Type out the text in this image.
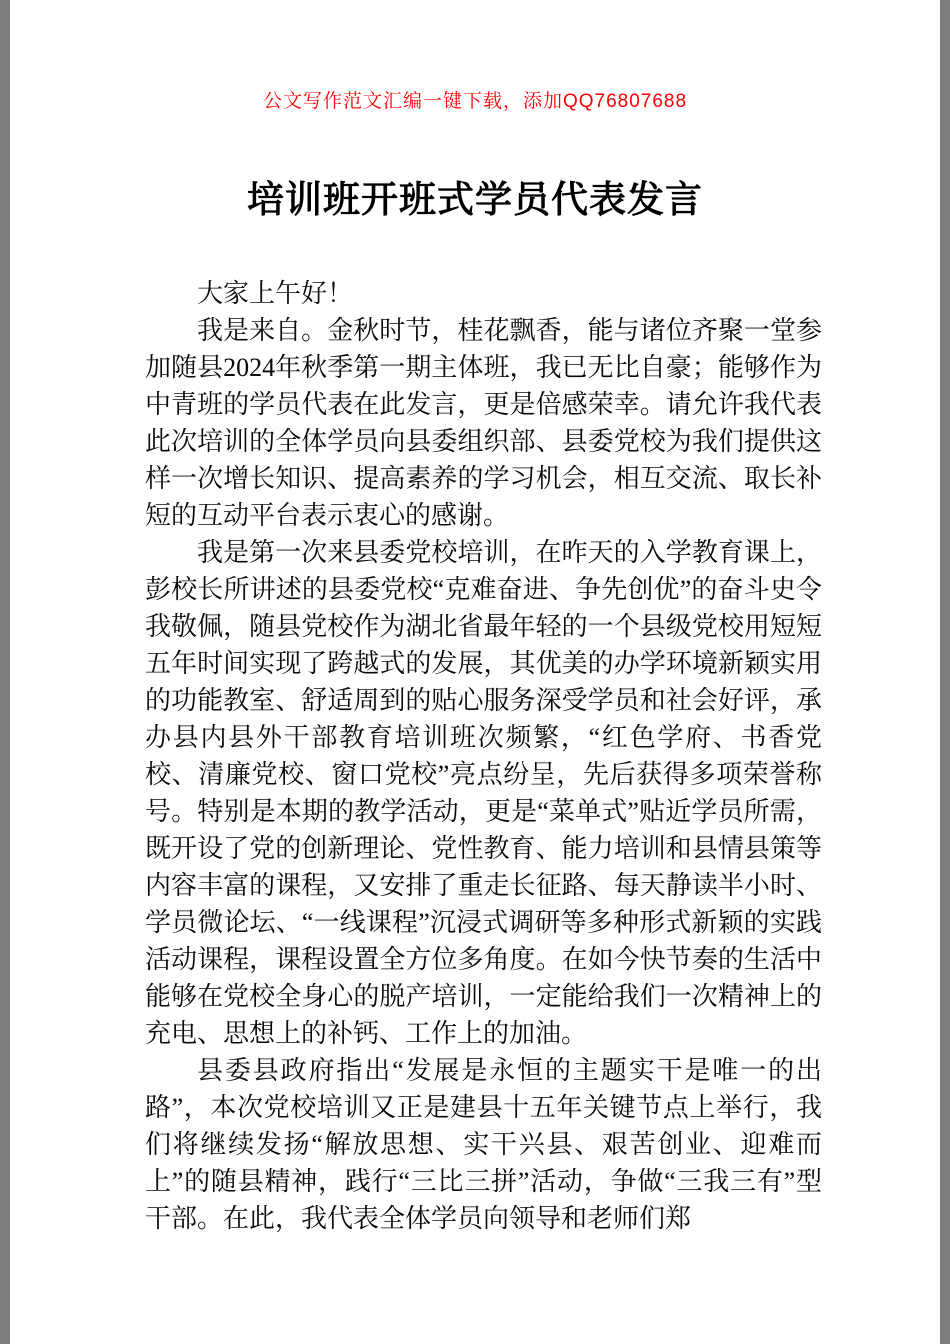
公文写作范文汇编一键下载，添加QQ76807688
培训班开班式学员代表发言

大家上午好！

我是来自。金秋时节，桂花飘香，能与诸位齐聚一堂参加随县2024年秋季第一期主体班，我已无比自豪；能够作为中青班的学员代表在此发言，更是倍感荣幸。请允许我代表此次培训的全体学员向县委组织部、县委党校为我们提供这样一次增长知识、提高素养的学习机会，相互交流、取长补短的互动平台表示衷心的感谢。

我是第一次来县委党校培训，在昨天的入学教育课上，彭校长所讲述的县委党校“克难奋进、争先创优”的奋斗史令我敬佩，随县党校作为湖北省最年轻的一个县级党校用短短五年时间实现了跨越式的发展，其优美的办学环境新颖实用的功能教室、舒适周到的贴心服务深受学员和社会好评，承办县内县外干部教育培训班次频繁，“红色学府、书香党校、清廉党校、窗口党校”亮点纷呈，先后获得多项荣誉称号。特别是本期的教学活动，更是“菜单式”贴近学员所需，既开设了党的创新理论、党性教育、能力培训和县情县策等内容丰富的课程，又安排了重走长征路、每天静读半小时、学员微论坛、“一线课程”沉浸式调研等多种形式新颖的实践活动课程，课程设置全方位多角度。在如今快节奏的生活中能够在党校全身心的脱产培训，一定能给我们一次精神上的充电、思想上的补钙、工作上的加油。

县委县政府指出“发展是永恒的主题实干是唯一的出路”，本次党校培训又正是建县十五年关键节点上举行，我们将继续发扬“解放思想、实干兴县、艰苦创业、迎难而上”的随县精神，践行“三比三拼”活动，争做“三我三有”型干部。在此，我代表全体学员向领导和老师们郑
